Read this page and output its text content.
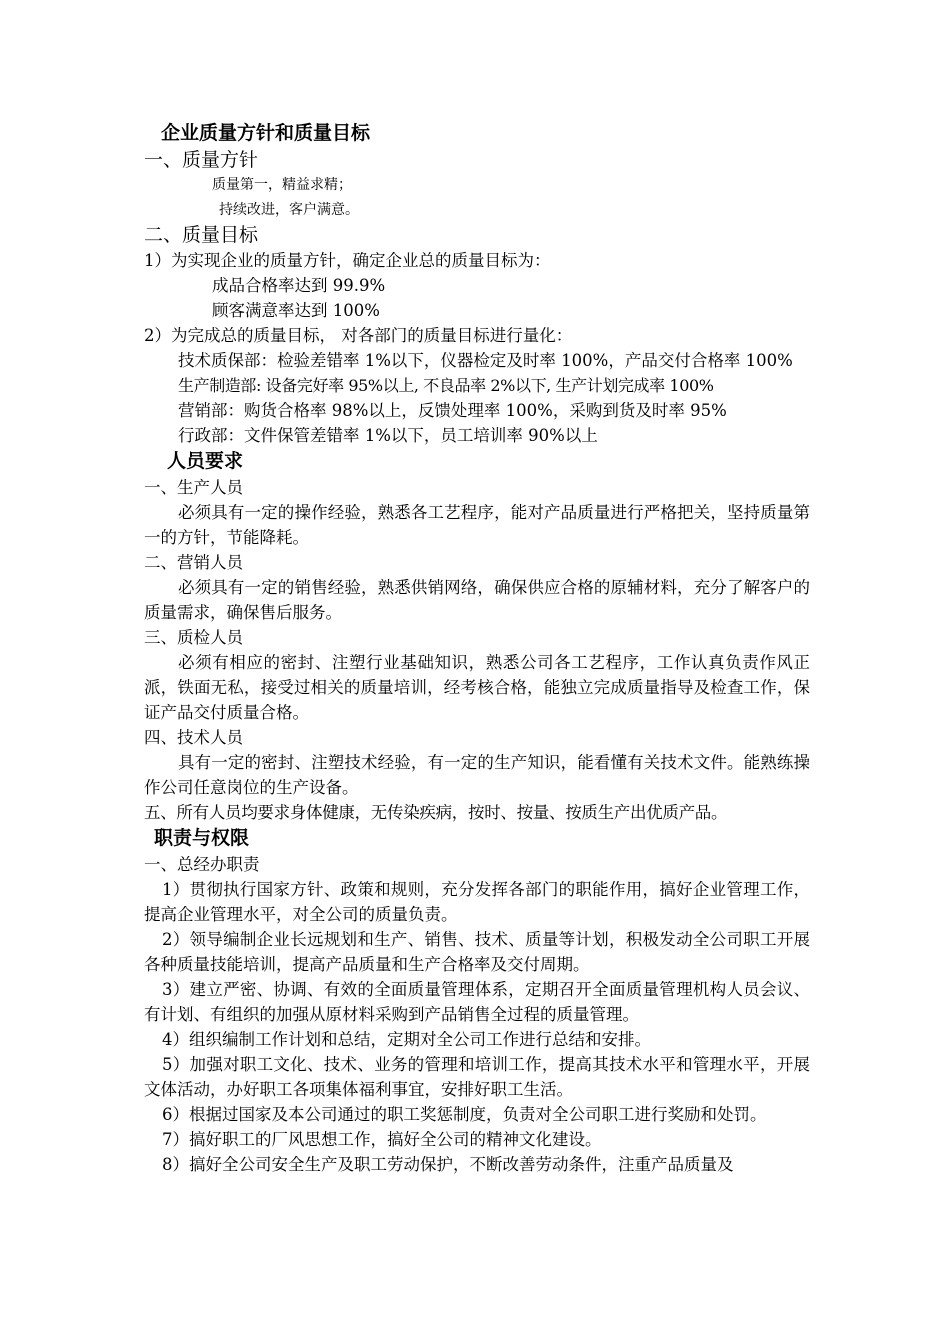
企业质量方针和质量目标
一、质量方针
质量第一，精益求精；
持续改进，客户满意。
二、质量目标
1）为实现企业的质量方针，确定企业总的质量目标为：
成品合格率达到 99.9%
顾客满意率达到 100%
2）为完成总的质量目标， 对各部门的质量目标进行量化：
技术质保部：检验差错率 1%以下，仪器检定及时率 100%，产品交付合格率 100%
生产制造部: 设备完好率 95%以上, 不良品率 2%以下, 生产计划完成率 100%
营销部：购货合格率 98%以上，反馈处理率 100%，采购到货及时率 95%
行政部：文件保管差错率 1%以下，员工培训率 90%以上
人员要求
一、生产人员
必须具有一定的操作经验，熟悉各工艺程序，能对产品质量进行严格把关，坚持质量第一的方针，节能降耗。
二、营销人员
必须具有一定的销售经验，熟悉供销网络，确保供应合格的原辅材料，充分了解客户的质量需求，确保售后服务。
三、质检人员
必须有相应的密封、注塑行业基础知识，熟悉公司各工艺程序，工作认真负责作风正派，铁面无私，接受过相关的质量培训，经考核合格，能独立完成质量指导及检查工作，保证产品交付质量合格。
四、技术人员
具有一定的密封、注塑技术经验，有一定的生产知识，能看懂有关技术文件。能熟练操作公司任意岗位的生产设备。
五、所有人员均要求身体健康，无传染疾病，按时、按量、按质生产出优质产品。
职责与权限
一、总经办职责
1）贯彻执行国家方针、政策和规则，充分发挥各部门的职能作用，搞好企业管理工作，提高企业管理水平，对全公司的质量负责。
2）领导编制企业长远规划和生产、销售、技术、质量等计划，积极发动全公司职工开展各种质量技能培训，提高产品质量和生产合格率及交付周期。
3）建立严密、协调、有效的全面质量管理体系，定期召开全面质量管理机构人员会议、有计划、有组织的加强从原材料采购到产品销售全过程的质量管理。
4）组织编制工作计划和总结，定期对全公司工作进行总结和安排。
5）加强对职工文化、技术、业务的管理和培训工作，提高其技术水平和管理水平，开展文体活动，办好职工各项集体福利事宜，安排好职工生活。
6）根据过国家及本公司通过的职工奖惩制度，负责对全公司职工进行奖励和处罚。
7）搞好职工的厂风思想工作，搞好全公司的精神文化建设。
8）搞好全公司安全生产及职工劳动保护，不断改善劳动条件，注重产品质量及
